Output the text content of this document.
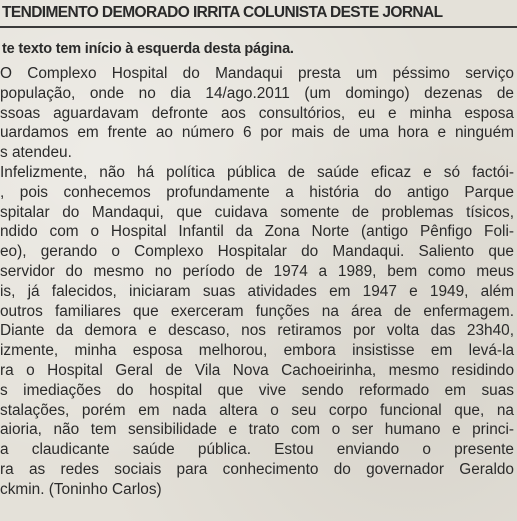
TENDIMENTO DEMORADO IRRITA COLUNISTA DESTE JORNAL

te texto tem início à esquerda desta página.

O Complexo Hospital do Mandaqui presta um péssimo serviço
população, onde no dia 14/ago.2011 (um domingo) dezenas de
ssoas aguardavam defronte aos consultórios, eu e minha esposa
uardamos em frente ao número 6 por mais de uma hora e ninguém
s atendeu.
Infelizmente, não há política pública de saúde eficaz e só factói-
, pois conhecemos profundamente a história do antigo Parque
spitalar do Mandaqui, que cuidava somente de problemas tísicos,
ndido com o Hospital Infantil da Zona Norte (antigo Pênfigo Foli-
eo), gerando o Complexo Hospitalar do Mandaqui. Saliento que
servidor do mesmo no período de 1974 a 1989, bem como meus
is, já falecidos, iniciaram suas atividades em 1947 e 1949, além
outros familiares que exerceram funções na área de enfermagem.
Diante da demora e descaso, nos retiramos por volta das 23h40,
izmente, minha esposa melhorou, embora insistisse em levá-la
ra o Hospital Geral de Vila Nova Cachoeirinha, mesmo residindo
s imediações do hospital que vive sendo reformado em suas
stalações, porém em nada altera o seu corpo funcional que, na
aioria, não tem sensibilidade e trato com o ser humano e princi-
a claudicante saúde pública. Estou enviando o presente
ra as redes sociais para conhecimento do governador Geraldo
ckmin. (Toninho Carlos)
